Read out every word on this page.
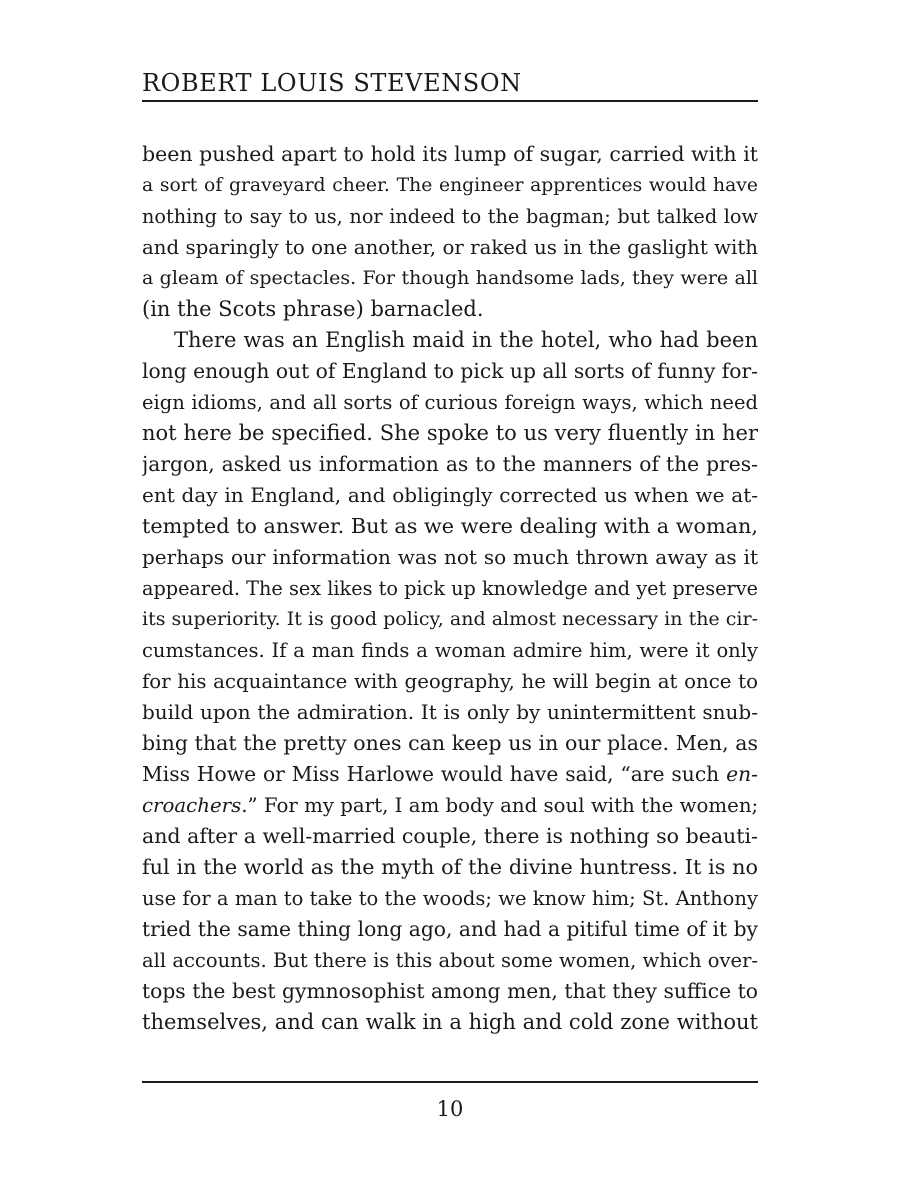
ROBERT LOUIS STEVENSON
been pushed apart to hold its lump of sugar, carried with it
a sort of graveyard cheer. The engineer apprentices would have
nothing to say to us, nor indeed to the bagman; but talked low
and sparingly to one another, or raked us in the gaslight with
a gleam of spectacles. For though handsome lads, they were all
(in the Scots phrase) barnacled.
There was an English maid in the hotel, who had been
long enough out of England to pick up all sorts of funny for-
eign idioms, and all sorts of curious foreign ways, which need
not here be specified. She spoke to us very fluently in her
jargon, asked us information as to the manners of the pres-
ent day in England, and obligingly corrected us when we at-
tempted to answer. But as we were dealing with a woman,
perhaps our information was not so much thrown away as it
appeared. The sex likes to pick up knowledge and yet preserve
its superiority. It is good policy, and almost necessary in the cir-
cumstances. If a man finds a woman admire him, were it only
for his acquaintance with geography, he will begin at once to
build upon the admiration. It is only by unintermittent snub-
bing that the pretty ones can keep us in our place. Men, as
Miss Howe or Miss Harlowe would have said, “are such en-
croachers.” For my part, I am body and soul with the women;
and after a well-married couple, there is nothing so beauti-
ful in the world as the myth of the divine huntress. It is no
use for a man to take to the woods; we know him; St. Anthony
tried the same thing long ago, and had a pitiful time of it by
all accounts. But there is this about some women, which over-
tops the best gymnosophist among men, that they suffice to
themselves, and can walk in a high and cold zone without
10
